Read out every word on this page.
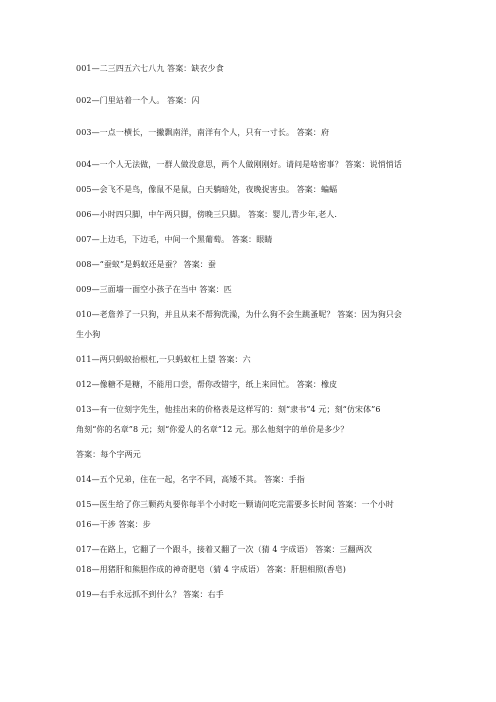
001—二三四五六七八九 答案：缺衣少食
002—门里站着一个人。 答案：闪
003—一点一横长，一撇飘南洋，南洋有个人，只有一寸长。 答案：府
004—一个人无法做，一群人做没意思，两个人做刚刚好。请问是啥密事？ 答案：说悄悄话
005—会飞不是鸟，像鼠不是鼠，白天躺暗处，夜晚捉害虫。 答案：蝙蝠
006—小时四只脚，中午两只脚，傍晚三只脚。 答案：婴儿,青少年,老人.
007—上边毛，下边毛，中间一个黑葡萄。 答案：眼睛
008—“蚕蚁”是蚂蚁还是蚕？ 答案：蚕
009—三面墙一面空小孩子在当中 答案：匹
010—老詹养了一只狗，并且从来不帮狗洗澡，为什么狗不会生跳蚤呢？ 答案：因为狗只会
生小狗
011—两只蚂蚁抬根杠,一只蚂蚁杠上望 答案：六
012—像糖不是糖，不能用口尝，帮你改错字，纸上来回忙。 答案：橡皮
013—有一位刻字先生，他挂出来的价格表是这样写的：刻“隶书”4 元；刻“仿宋体”6
角刻“你的名章”8 元；刻“你爱人的名章”12 元。那么他刻字的单价是多少？
答案：每个字两元
014—五个兄弟，住在一起，名字不同，高矮不其。 答案：手指
015—医生给了你三颗药丸要你每半个小时吃一颗请问吃完需要多长时间 答案：一个小时
016—干涉 答案：步
017—在路上，它翻了一个跟斗，接着又翻了一次（猜 4 字成语） 答案：三翻两次
018—用猪肝和熊胆作成的神奇肥皂（猜 4 字成语） 答案：肝胆相照(香皂)
019—右手永远抓不到什么？ 答案：右手
